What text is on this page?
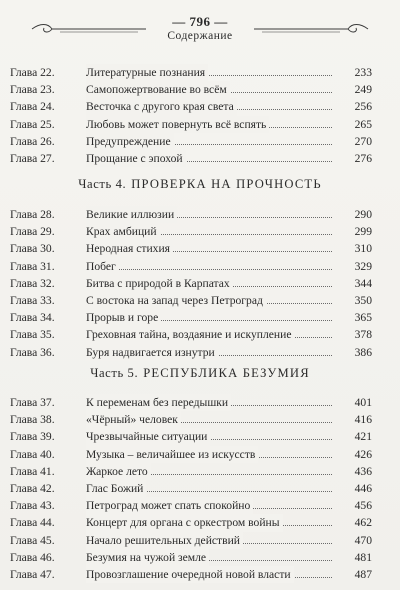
— 796 —
Содержание
Глава 22.	Литературные познания	233
Глава 23.	Самопожертвование во всём	249
Глава 24.	Весточка с другого края света	256
Глава 25.	Любовь может повернуть всё вспять	265
Глава 26.	Предупреждение	270
Глава 27.	Прощание с эпохой	276
Часть 4. ПРОВЕРКА НА ПРОЧНОСТЬ
Глава 28.	Великие иллюзии	290
Глава 29.	Крах амбиций	299
Глава 30.	Неродная стихия	310
Глава 31.	Побег	329
Глава 32.	Битва с природой в Карпатах	344
Глава 33.	С востока на запад через Петроград	350
Глава 34.	Прорыв и горе	365
Глава 35.	Греховная тайна, воздаяние и искупление	378
Глава 36.	Буря надвигается изнутри	386
Часть 5. РЕСПУБЛИКА БЕЗУМИЯ
Глава 37.	К переменам без передышки	401
Глава 38.	«Чёрный» человек	416
Глава 39.	Чрезвычайные ситуации	421
Глава 40.	Музыка – величайшее из искусств	426
Глава 41.	Жаркое лето	436
Глава 42.	Глас Божий	446
Глава 43.	Петроград может спать спокойно	456
Глава 44.	Концерт для органа с оркестром войны	462
Глава 45.	Начало решительных действий	470
Глава 46.	Безумия на чужой земле	481
Глава 47.	Провозглашение очередной новой власти	487
